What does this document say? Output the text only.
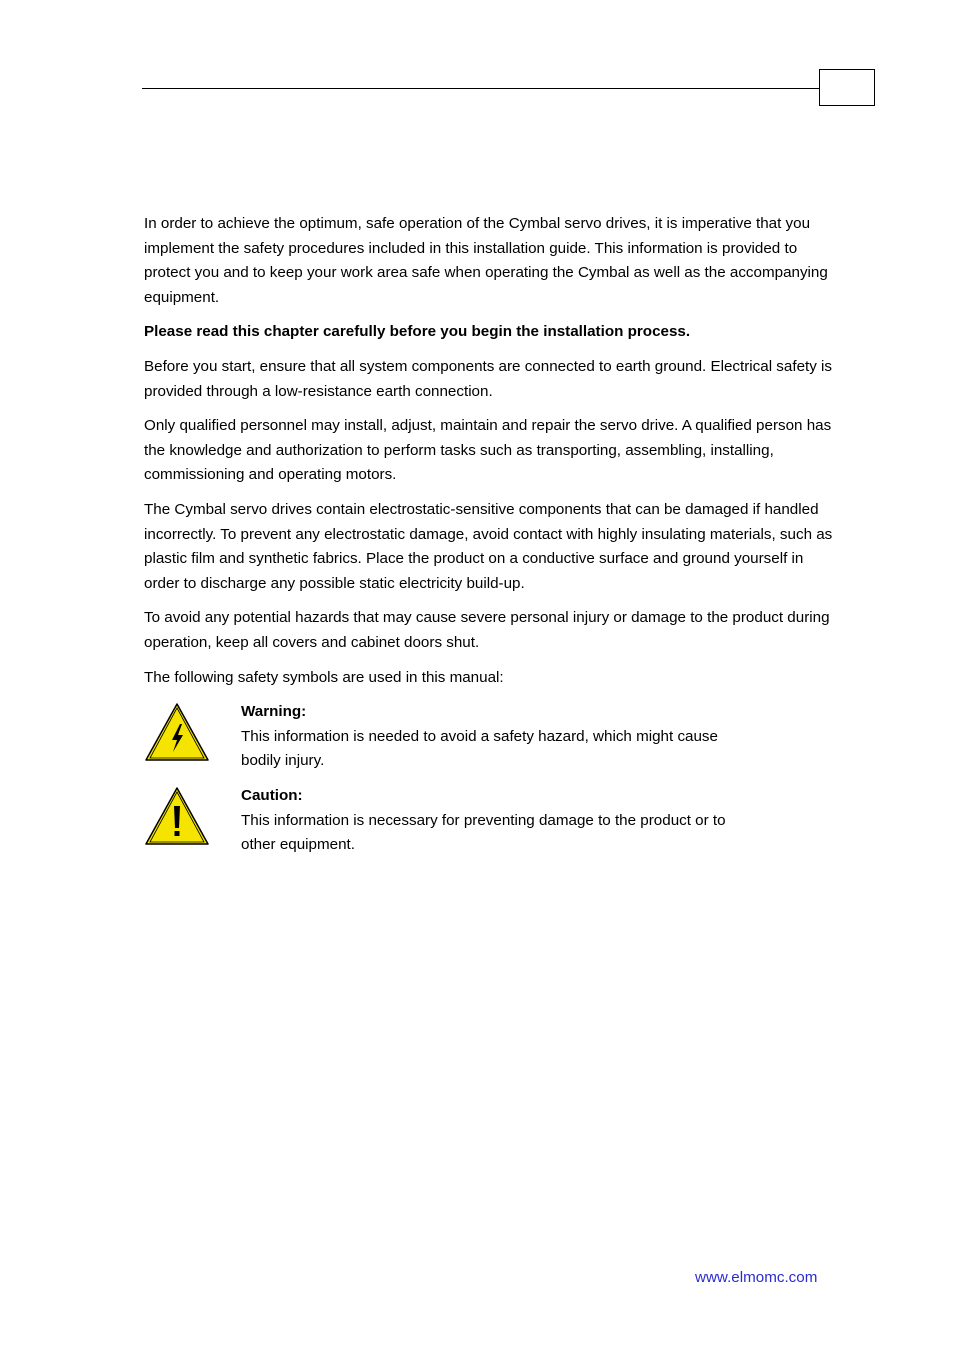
In order to achieve the optimum, safe operation of the Cymbal servo drives, it is imperative that you implement the safety procedures included in this installation guide. This information is provided to protect you and to keep your work area safe when operating the Cymbal as well as the accompanying equipment.

Please read this chapter carefully before you begin the installation process.

Before you start, ensure that all system components are connected to earth ground. Electrical safety is provided through a low-resistance earth connection.

Only qualified personnel may install, adjust, maintain and repair the servo drive. A qualified person has the knowledge and authorization to perform tasks such as transporting, assembling, installing, commissioning and operating motors.

The Cymbal servo drives contain electrostatic-sensitive components that can be damaged if handled incorrectly. To prevent any electrostatic damage, avoid contact with highly insulating materials, such as plastic film and synthetic fabrics. Place the product on a conductive surface and ground yourself in order to discharge any possible static electricity build-up.

To avoid any potential hazards that may cause severe personal injury or damage to the product during operation, keep all covers and cabinet doors shut.

The following safety symbols are used in this manual:

Warning:
This information is needed to avoid a safety hazard, which might cause
bodily injury.
Caution:
This information is necessary for preventing damage to the product or to
other equipment.
www.elmomc.com
